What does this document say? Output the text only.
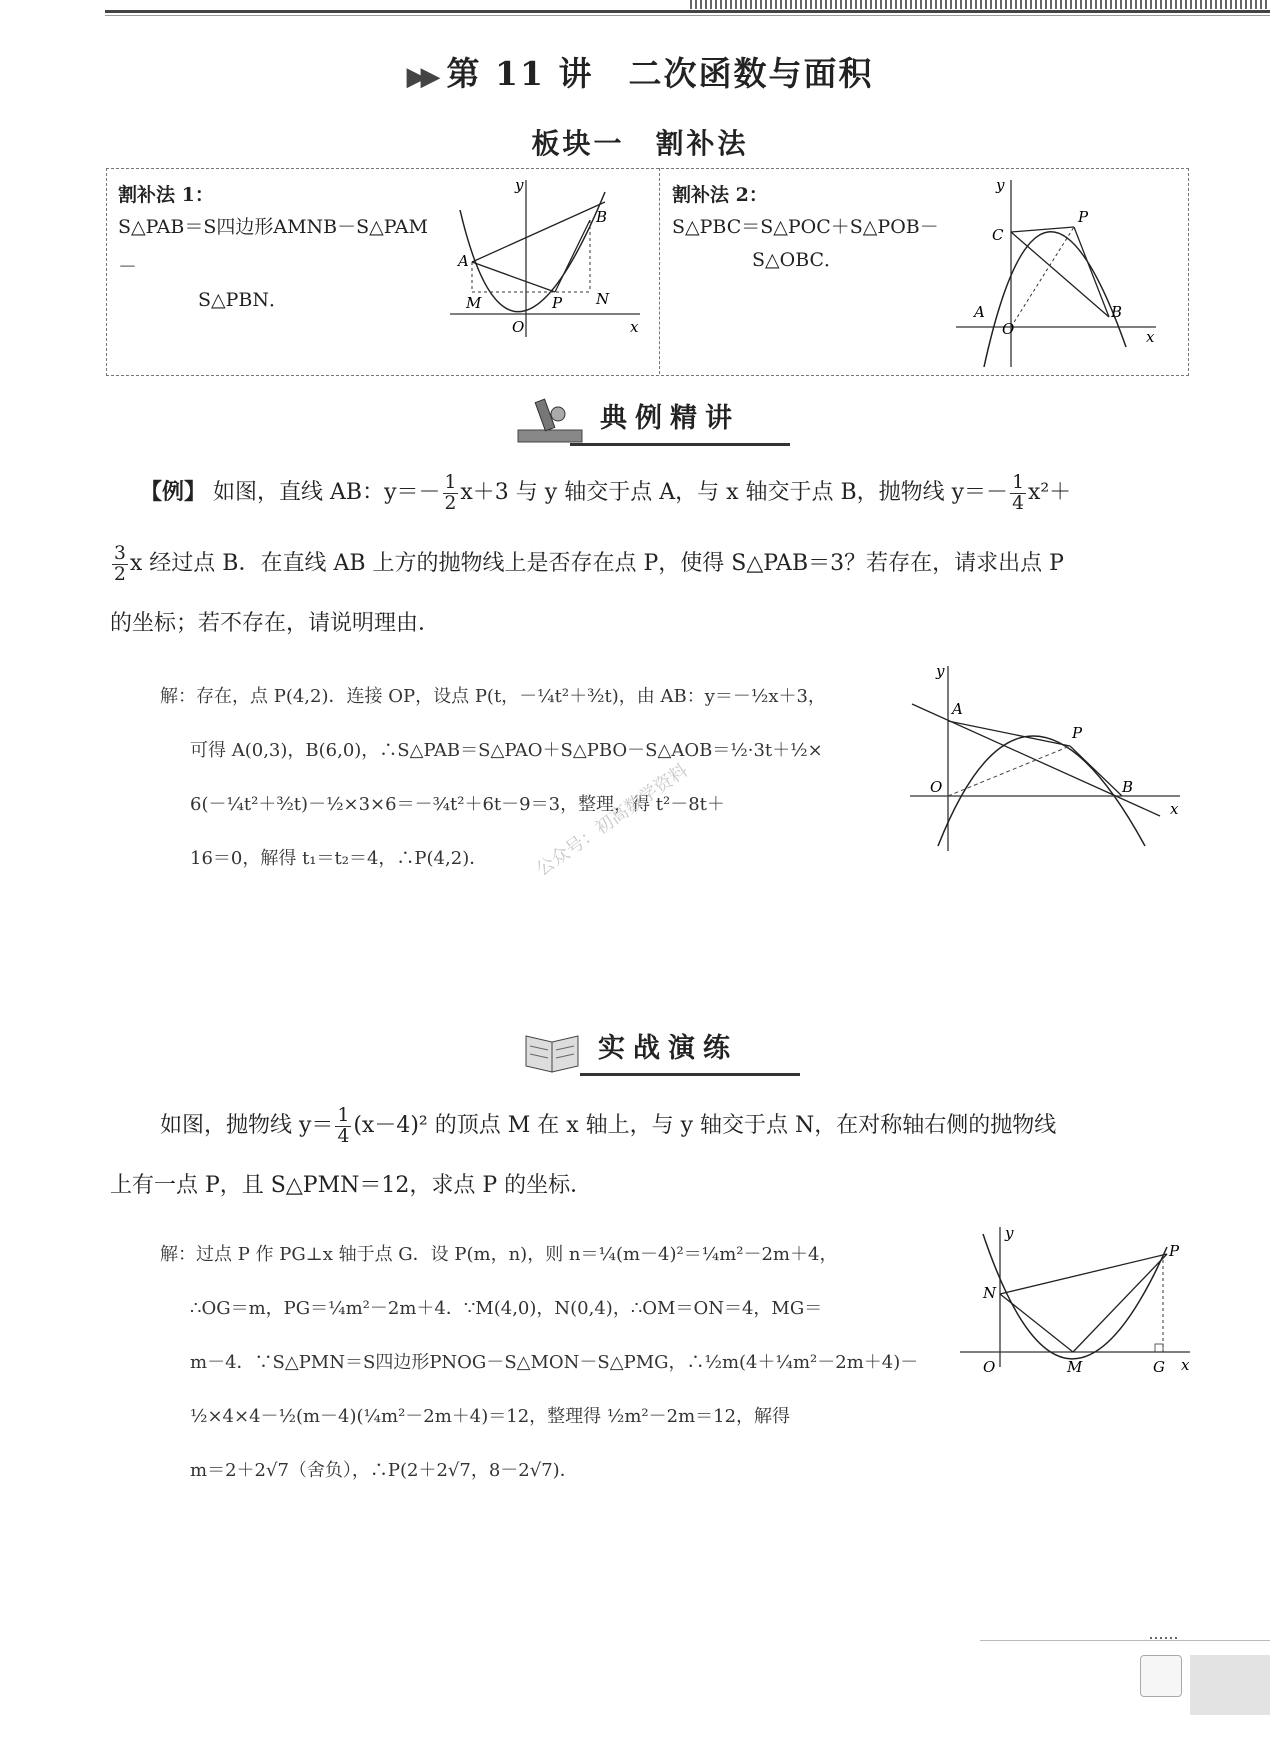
▶▶ 第 11 讲　二次函数与面积
板块一　割补法
割补法 1：
S△PAB＝S四边形AMNB－S△PAM－
S△PBN．
y
x
A
B
M	P N
O
割补法 2：
S△PBC＝S△POC＋S△POB－
S△OBC．
y
x
C
P
A
O
B
典例精讲
【例】 如图，直线 AB：$y=- \frac{1}{2} x+3$ 与 y 轴交于点 A，与 x 轴交于点 B，抛物线 $y=- \frac{1}{4} x^2+$
$\frac{3}{2}$ x 经过点 B．在直线 AB 上方的抛物线上是否存在点 P，使得 S△PAB＝3？若存在，请求出点 P
的坐标；若不存在，请说明理由．
解：存在，点 P(4,2)．连接 OP，设点 P(t，－¼t²＋³⁄₂t)，由 AB：y＝－½x＋3，
可得 A(0,3)，B(6,0)，∴S△PAB＝S△PAO＋S△PBO－S△AOB＝½·3t＋½×
6(－¼t²＋³⁄₂t)－½×3×6＝－¾t²＋6t－9＝3，整理，得 t²－8t＋
16＝0，解得 t₁＝t₂＝4，∴P(4,2)．
y
x
A
P
O	B
公众号：初高数学资料
实战演练
如图，抛物线 $y= \frac{1}{4} (x-4)^2$ 的顶点 M 在 x 轴上，与 y 轴交于点 N，在对称轴右侧的抛物线
上有一点 P，且 S△PMN＝12，求点 P 的坐标．
解：过点 P 作 PG⊥x 轴于点 G．设 P(m，n)，则 n＝¼(m－4)²＝¼m²－2m＋4，
∴OG＝m，PG＝¼m²－2m＋4．∵M(4,0)，N(0,4)，∴OM＝ON＝4，MG＝
m－4．∵S△PMN＝S四边形PNOG－S△MON－S△PMG，∴½m(4＋¼m²－2m＋4)－
½×4×4－½(m－4)(¼m²－2m＋4)＝12，整理得 ½m²－2m＝12，解得
m＝2＋2√7（舍负），∴P(2＋2√7，8－2√7)．
y
x
N
P
O	M	G
